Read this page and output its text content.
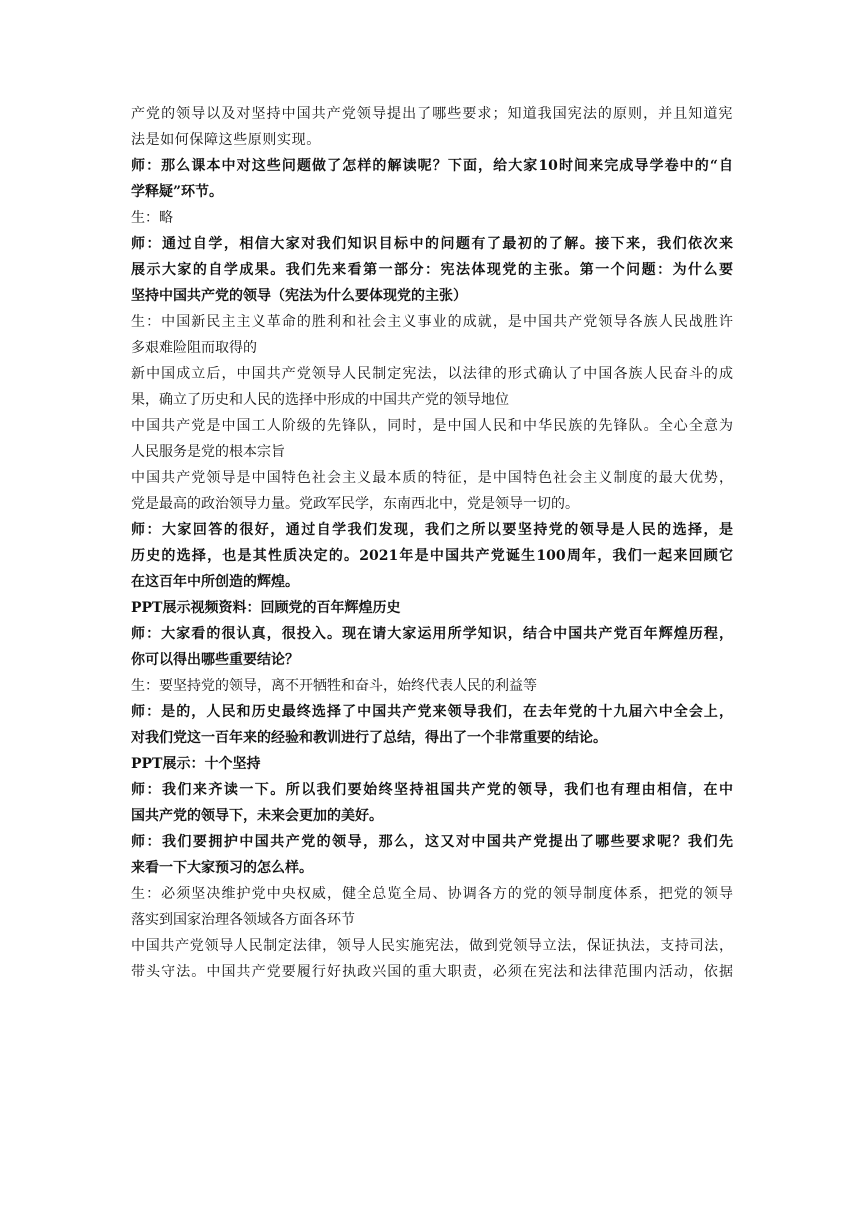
产党的领导以及对坚持中国共产党领导提出了哪些要求；知道我国宪法的原则，并且知道宪
法是如何保障这些原则实现。
师：那么课本中对这些问题做了怎样的解读呢？下面，给大家10时间来完成导学卷中的“自
学释疑”环节。
生：略
师：通过自学，相信大家对我们知识目标中的问题有了最初的了解。接下来，我们依次来
展示大家的自学成果。我们先来看第一部分：宪法体现党的主张。第一个问题：为什么要
坚持中国共产党的领导（宪法为什么要体现党的主张）
生：中国新民主主义革命的胜利和社会主义事业的成就，是中国共产党领导各族人民战胜许
多艰难险阻而取得的
新中国成立后，中国共产党领导人民制定宪法，以法律的形式确认了中国各族人民奋斗的成
果，确立了历史和人民的选择中形成的中国共产党的领导地位
中国共产党是中国工人阶级的先锋队，同时，是中国人民和中华民族的先锋队。全心全意为
人民服务是党的根本宗旨
中国共产党领导是中国特色社会主义最本质的特征，是中国特色社会主义制度的最大优势，
党是最高的政治领导力量。党政军民学，东南西北中，党是领导一切的。
师：大家回答的很好，通过自学我们发现，我们之所以要坚持党的领导是人民的选择，是
历史的选择，也是其性质决定的。2021年是中国共产党诞生100周年，我们一起来回顾它
在这百年中所创造的辉煌。
PPT展示视频资料：回顾党的百年辉煌历史
师：大家看的很认真，很投入。现在请大家运用所学知识，结合中国共产党百年辉煌历程，
你可以得出哪些重要结论？
生：要坚持党的领导，离不开牺牲和奋斗，始终代表人民的利益等
师：是的，人民和历史最终选择了中国共产党来领导我们，在去年党的十九届六中全会上，
对我们党这一百年来的经验和教训进行了总结，得出了一个非常重要的结论。
PPT展示：十个坚持
师：我们来齐读一下。所以我们要始终坚持祖国共产党的领导，我们也有理由相信，在中
国共产党的领导下，未来会更加的美好。
师：我们要拥护中国共产党的领导，那么，这又对中国共产党提出了哪些要求呢？我们先
来看一下大家预习的怎么样。
生：必须坚决维护党中央权威，健全总览全局、协调各方的党的领导制度体系，把党的领导
落实到国家治理各领域各方面各环节
中国共产党领导人民制定法律，领导人民实施宪法，做到党领导立法，保证执法，支持司法，
带头守法。中国共产党要履行好执政兴国的重大职责，必须在宪法和法律范围内活动，依据
